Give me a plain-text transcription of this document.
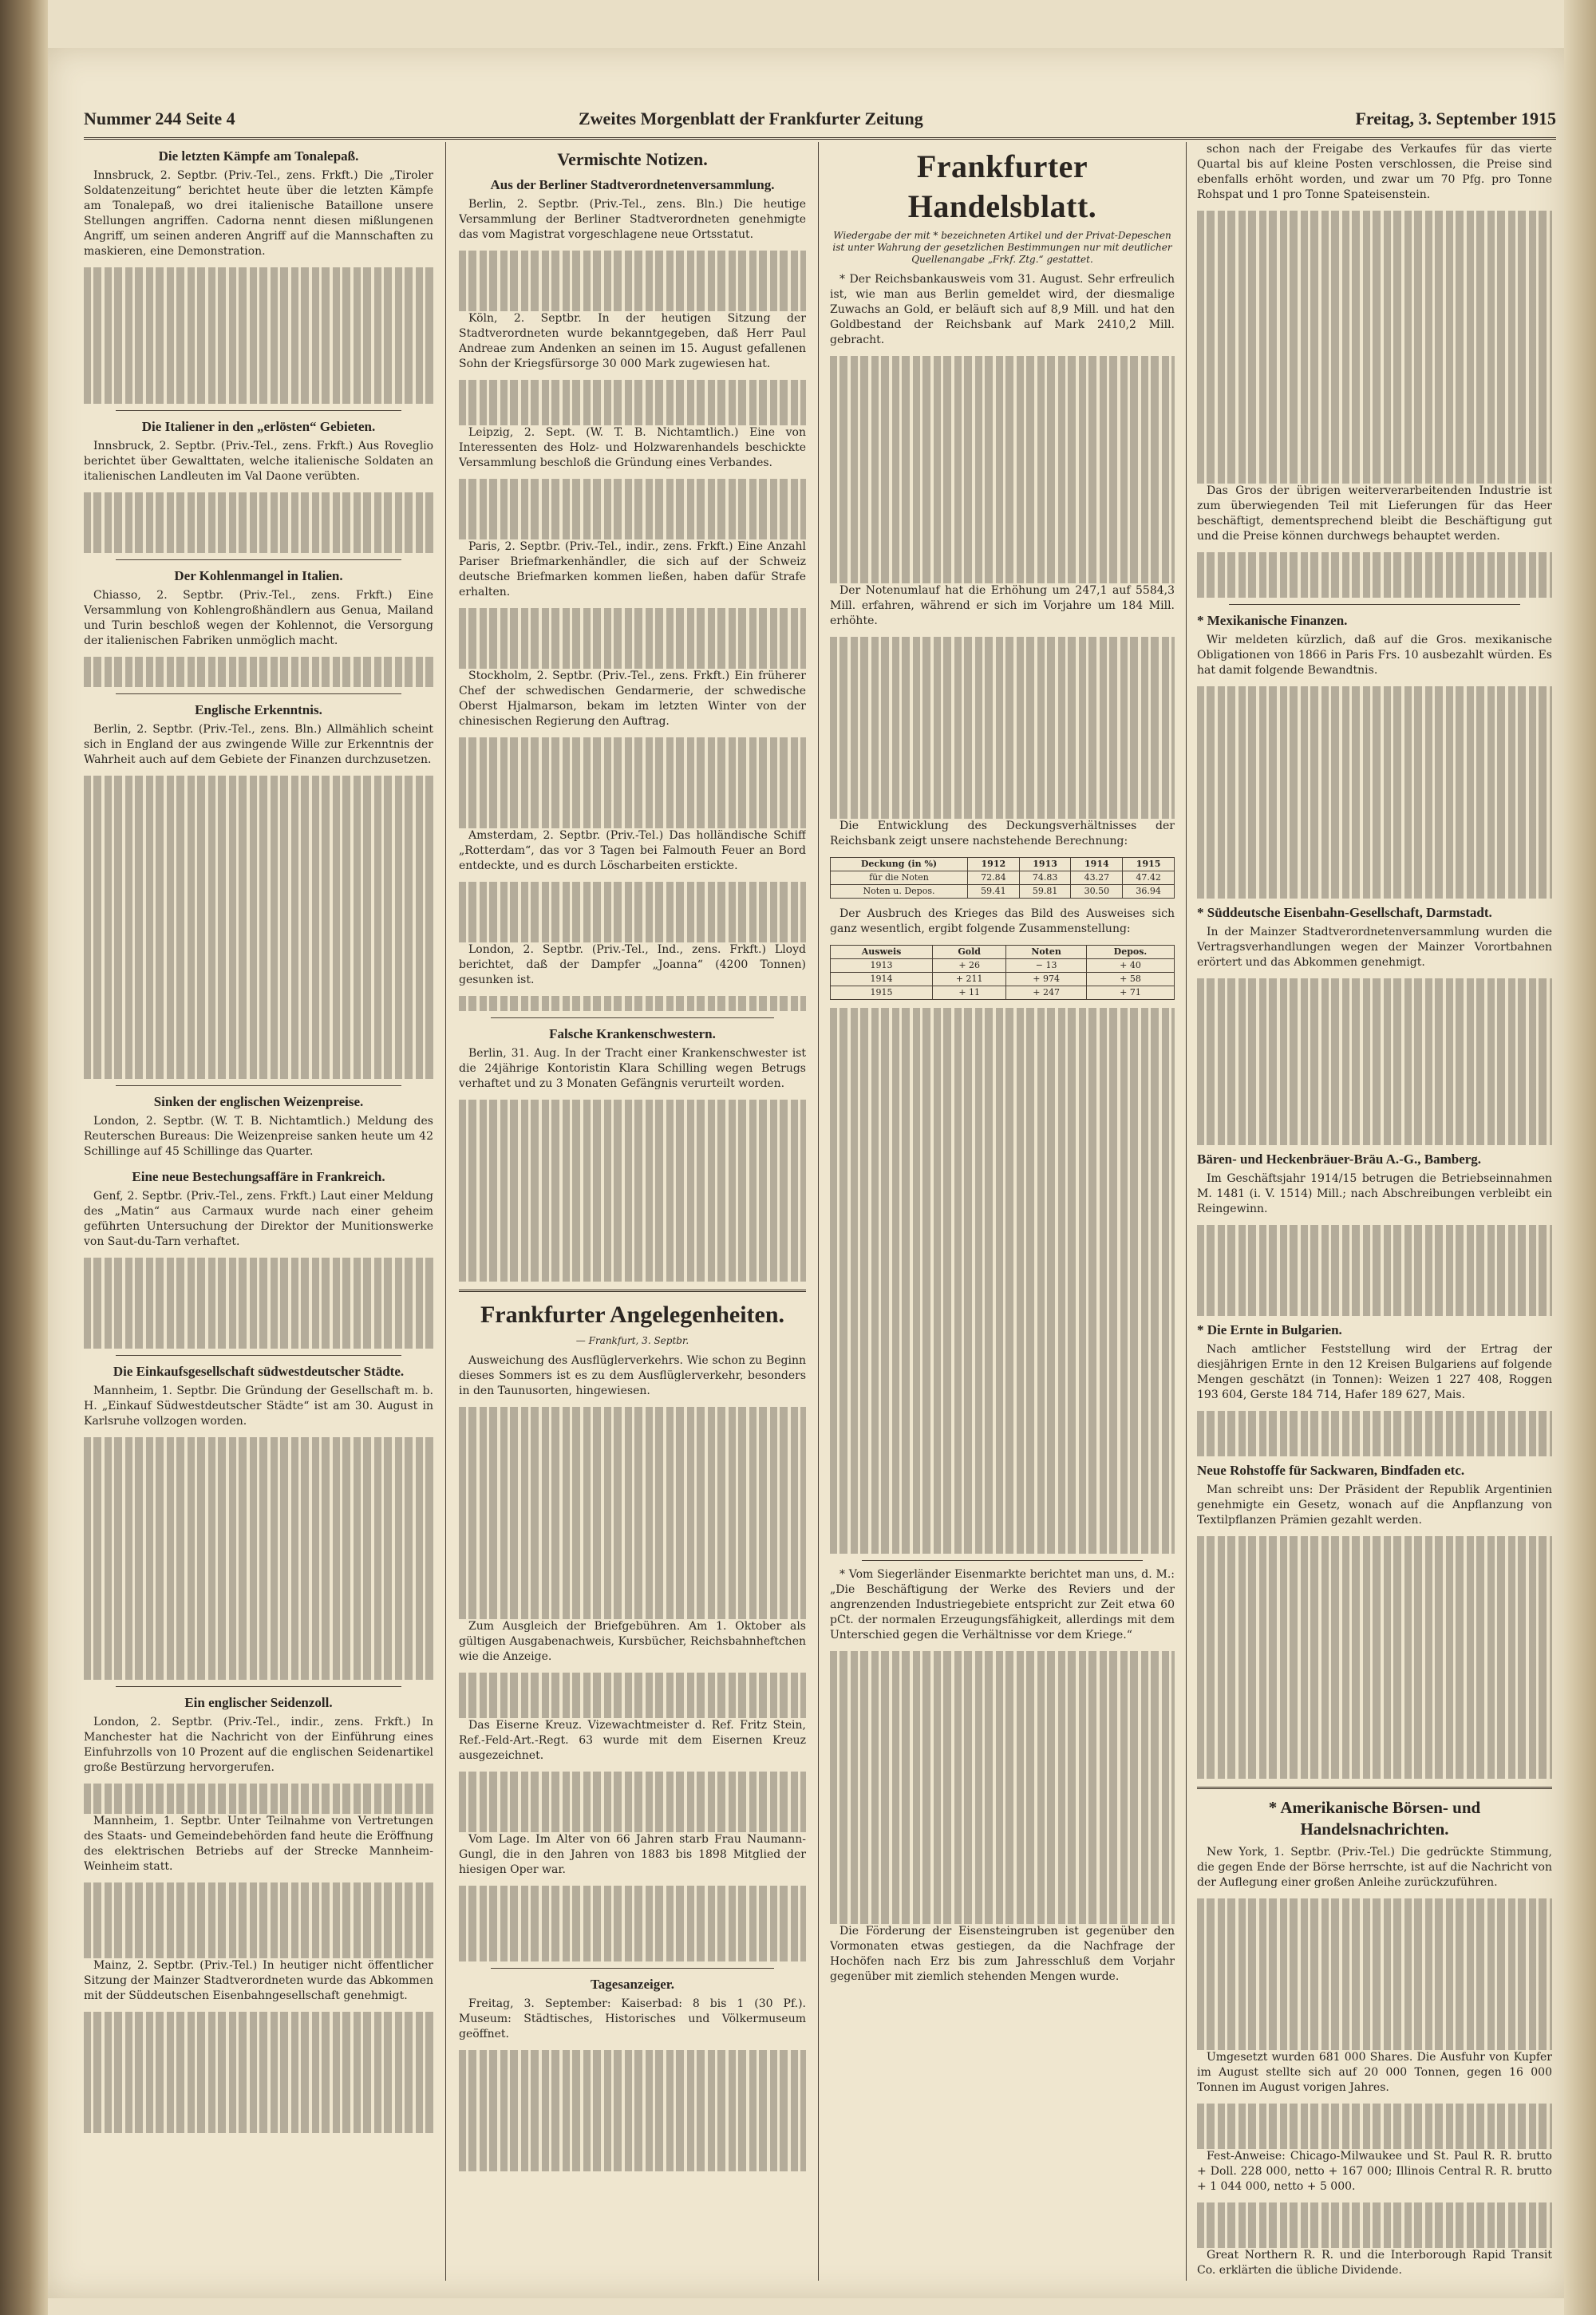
Nummer 244 Seite 4	Zweites Morgenblatt der Frankfurter Zeitung	Freitag, 3. September 1915
Die letzten Kämpfe am Tonalepaß.

Innsbruck, 2. Septbr. (Priv.-Tel., zens. Frkft.) Die „Tiroler Soldatenzeitung“ berichtet heute über die letzten Kämpfe am Tonalepaß, wo drei italienische Bataillone unsere Stellungen angriffen. Cadorna nennt diesen mißlungenen Angriff, um seinen anderen Angriff auf die Mannschaften zu maskieren, eine Demonstration.

Die Italiener in den „erlösten“ Gebieten.

Innsbruck, 2. Septbr. (Priv.-Tel., zens. Frkft.) Aus Roveglio berichtet über Gewalttaten, welche italienische Soldaten an italienischen Landleuten im Val Daone verübten.

Der Kohlenmangel in Italien.

Chiasso, 2. Septbr. (Priv.-Tel., zens. Frkft.) Eine Versammlung von Kohlengroßhändlern aus Genua, Mailand und Turin beschloß wegen der Kohlennot, die Versorgung der italienischen Fabriken unmöglich macht.

Englische Erkenntnis.

Berlin, 2. Septbr. (Priv.-Tel., zens. Bln.) Allmählich scheint sich in England der aus zwingende Wille zur Erkenntnis der Wahrheit auch auf dem Gebiete der Finanzen durchzusetzen.

Sinken der englischen Weizenpreise.

London, 2. Septbr. (W. T. B. Nichtamtlich.) Meldung des Reuterschen Bureaus: Die Weizenpreise sanken heute um 42 Schillinge auf 45 Schillinge das Quarter.

Eine neue Bestechungsaffäre in Frankreich.

Genf, 2. Septbr. (Priv.-Tel., zens. Frkft.) Laut einer Meldung des „Matin“ aus Carmaux wurde nach einer geheim geführten Untersuchung der Direktor der Munitionswerke von Saut-du-Tarn verhaftet.

Die Einkaufsgesellschaft südwestdeutscher Städte.

Mannheim, 1. Septbr. Die Gründung der Gesellschaft m. b. H. „Einkauf Südwestdeutscher Städte“ ist am 30. August in Karlsruhe vollzogen worden.

Ein englischer Seidenzoll.

London, 2. Septbr. (Priv.-Tel., indir., zens. Frkft.) In Manchester hat die Nachricht von der Einführung eines Einfuhrzolls von 10 Prozent auf die englischen Seidenartikel große Bestürzung hervorgerufen.

Mannheim, 1. Septbr. Unter Teilnahme von Vertretungen des Staats- und Gemeindebehörden fand heute die Eröffnung des elektrischen Betriebs auf der Strecke Mannheim-Weinheim statt.

Mainz, 2. Septbr. (Priv.-Tel.) In heutiger nicht öffentlicher Sitzung der Mainzer Stadtverordneten wurde das Abkommen mit der Süddeutschen Eisenbahngesellschaft genehmigt.

Vermischte Notizen.
Aus der Berliner Stadtverordnetenversammlung.

Berlin, 2. Septbr. (Priv.-Tel., zens. Bln.) Die heutige Versammlung der Berliner Stadtverordneten genehmigte das vom Magistrat vorgeschlagene neue Ortsstatut.

Köln, 2. Septbr. In der heutigen Sitzung der Stadtverordneten wurde bekanntgegeben, daß Herr Paul Andreae zum Andenken an seinen im 15. August gefallenen Sohn der Kriegsfürsorge 30 000 Mark zugewiesen hat.

Leipzig, 2. Sept. (W. T. B. Nichtamtlich.) Eine von Interessenten des Holz- und Holzwarenhandels beschickte Versammlung beschloß die Gründung eines Verbandes.

Paris, 2. Septbr. (Priv.-Tel., indir., zens. Frkft.) Eine Anzahl Pariser Briefmarkenhändler, die sich auf der Schweiz deutsche Briefmarken kommen ließen, haben dafür Strafe erhalten.

Stockholm, 2. Septbr. (Priv.-Tel., zens. Frkft.) Ein früherer Chef der schwedischen Gendarmerie, der schwedische Oberst Hjalmarson, bekam im letzten Winter von der chinesischen Regierung den Auftrag.

Amsterdam, 2. Septbr. (Priv.-Tel.) Das holländische Schiff „Rotterdam“, das vor 3 Tagen bei Falmouth Feuer an Bord entdeckte, und es durch Löscharbeiten erstickte.

London, 2. Septbr. (Priv.-Tel., Ind., zens. Frkft.) Lloyd berichtet, daß der Dampfer „Joanna“ (4200 Tonnen) gesunken ist.

Falsche Krankenschwestern.

Berlin, 31. Aug. In der Tracht einer Krankenschwester ist die 24jährige Kontoristin Klara Schilling wegen Betrugs verhaftet und zu 3 Monaten Gefängnis verurteilt worden.

Frankfurter Angelegenheiten.
— Frankfurt, 3. Septbr.

Ausweichung des Ausflüglerverkehrs. Wie schon zu Beginn dieses Sommers ist es zu dem Ausflüglerverkehr, besonders in den Taunusorten, hingewiesen.

Zum Ausgleich der Briefgebühren. Am 1. Oktober als gültigen Ausgabenachweis, Kursbücher, Reichsbahnheftchen wie die Anzeige.

Das Eiserne Kreuz. Vizewachtmeister d. Ref. Fritz Stein, Ref.-Feld-Art.-Regt. 63 wurde mit dem Eisernen Kreuz ausgezeichnet.

Vom Lage. Im Alter von 66 Jahren starb Frau Naumann-Gungl, die in den Jahren von 1883 bis 1898 Mitglied der hiesigen Oper war.

Tagesanzeiger.

Freitag, 3. September: Kaiserbad: 8 bis 1 (30 Pf.). Museum: Städtisches, Historisches und Völkermuseum geöffnet.

Frankfurter Handelsblatt.
Wiedergabe der mit * bezeichneten Artikel und der Privat-Depeschen ist unter Wahrung der gesetzlichen Bestimmungen nur mit deutlicher Quellenangabe „Frkf. Ztg.“ gestattet.

* Der Reichsbankausweis vom 31. August. Sehr erfreulich ist, wie man aus Berlin gemeldet wird, der diesmalige Zuwachs an Gold, er beläuft sich auf 8,9 Mill. und hat den Goldbestand der Reichsbank auf Mark 2410,2 Mill. gebracht.

Der Notenumlauf hat die Erhöhung um 247,1 auf 5584,3 Mill. erfahren, während er sich im Vorjahre um 184 Mill. erhöhte.

Die Entwicklung des Deckungsverhältnisses der Reichsbank zeigt unsere nachstehende Berechnung:

Deckung (in %)	1912	1913	1914	1915
für die Noten	72.84	74.83	43.27	47.42
Noten u. Depos.	59.41	59.81	30.50	36.94

Der Ausbruch des Krieges das Bild des Ausweises sich ganz wesentlich, ergibt folgende Zusammenstellung:

Ausweis	Gold	Noten	Depos.
1913	+ 26	− 13	+ 40
1914	+ 211	+ 974	+ 58
1915	+ 11	+ 247	+ 71

* Vom Siegerländer Eisenmarkte berichtet man uns, d. M.: „Die Beschäftigung der Werke des Reviers und der angrenzenden Industriegebiete entspricht zur Zeit etwa 60 pCt. der normalen Erzeugungsfähigkeit, allerdings mit dem Unterschied gegen die Verhältnisse vor dem Kriege.“

Die Förderung der Eisensteingruben ist gegenüber den Vormonaten etwas gestiegen, da die Nachfrage der Hochöfen nach Erz bis zum Jahresschluß dem Vorjahr gegenüber mit ziemlich stehenden Mengen wurde.

schon nach der Freigabe des Verkaufes für das vierte Quartal bis auf kleine Posten verschlossen, die Preise sind ebenfalls erhöht worden, und zwar um 70 Pfg. pro Tonne Rohspat und 1 pro Tonne Spateisenstein.

Das Gros der übrigen weiterverarbeitenden Industrie ist zum überwiegenden Teil mit Lieferungen für das Heer beschäftigt, dementsprechend bleibt die Beschäftigung gut und die Preise können durchwegs behauptet werden.

* Mexikanische Finanzen.

Wir meldeten kürzlich, daß auf die Gros. mexikanische Obligationen von 1866 in Paris Frs. 10 ausbezahlt würden. Es hat damit folgende Bewandtnis.

* Süddeutsche Eisenbahn-Gesellschaft, Darmstadt.

In der Mainzer Stadtverordnetenversammlung wurden die Vertragsverhandlungen wegen der Mainzer Vorortbahnen erörtert und das Abkommen genehmigt.

Bären- und Heckenbräuer-Bräu A.-G., Bamberg.

Im Geschäftsjahr 1914/15 betrugen die Betriebseinnahmen M. 1481 (i. V. 1514) Mill.; nach Abschreibungen verbleibt ein Reingewinn.

* Die Ernte in Bulgarien.

Nach amtlicher Feststellung wird der Ertrag der diesjährigen Ernte in den 12 Kreisen Bulgariens auf folgende Mengen geschätzt (in Tonnen): Weizen 1 227 408, Roggen 193 604, Gerste 184 714, Hafer 189 627, Mais.

Neue Rohstoffe für Sackwaren, Bindfaden etc.

Man schreibt uns: Der Präsident der Republik Argentinien genehmigte ein Gesetz, wonach auf die Anpflanzung von Textilpflanzen Prämien gezahlt werden.

* Amerikanische Börsen- und Handelsnachrichten.

New York, 1. Septbr. (Priv.-Tel.) Die gedrückte Stimmung, die gegen Ende der Börse herrschte, ist auf die Nachricht von der Auflegung einer großen Anleihe zurückzuführen.

Umgesetzt wurden 681 000 Shares. Die Ausfuhr von Kupfer im August stellte sich auf 20 000 Tonnen, gegen 16 000 Tonnen im August vorigen Jahres.

Fest-Anweise: Chicago-Milwaukee und St. Paul R. R. brutto + Doll. 228 000, netto + 167 000; Illinois Central R. R. brutto + 1 044 000, netto + 5 000.

Great Northern R. R. und die Interborough Rapid Transit Co. erklärten die übliche Dividende.
